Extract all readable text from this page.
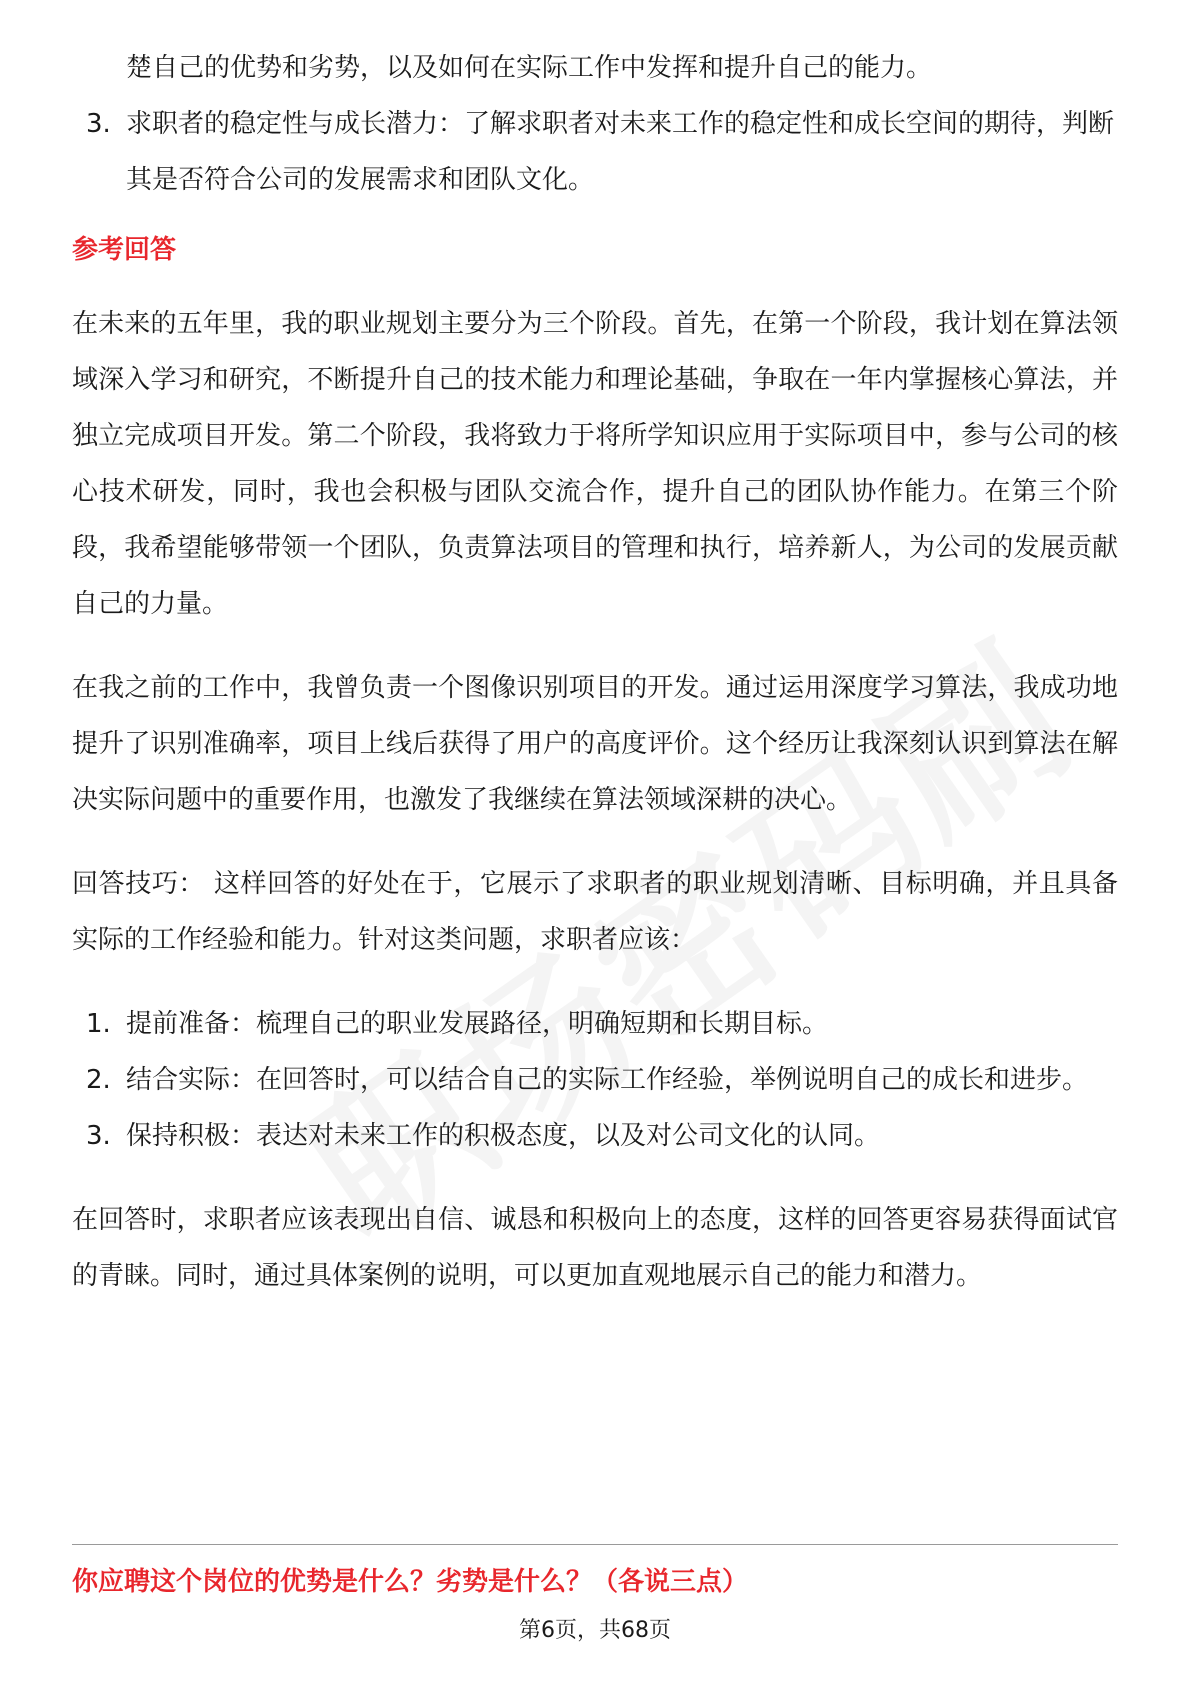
楚自己的优势和劣势，以及如何在实际工作中发挥和提升自己的能力。
3. 求职者的稳定性与成长潜力：了解求职者对未来工作的稳定性和成长空间的期待，判断其是否符合公司的发展需求和团队文化。
参考回答

在未来的五年里，我的职业规划主要分为三个阶段。首先，在第一个阶段，我计划在算法领域深入学习和研究，不断提升自己的技术能力和理论基础，争取在一年内掌握核心算法，并独立完成项目开发。第二个阶段，我将致力于将所学知识应用于实际项目中，参与公司的核心技术研发，同时，我也会积极与团队交流合作，提升自己的团队协作能力。在第三个阶段，我希望能够带领一个团队，负责算法项目的管理和执行，培养新人，为公司的发展贡献自己的力量。

在我之前的工作中，我曾负责一个图像识别项目的开发。通过运用深度学习算法，我成功地提升了识别准确率，项目上线后获得了用户的高度评价。这个经历让我深刻认识到算法在解决实际问题中的重要作用，也激发了我继续在算法领域深耕的决心。

回答技巧： 这样回答的好处在于，它展示了求职者的职业规划清晰、目标明确，并且具备实际的工作经验和能力。针对这类问题，求职者应该：

1. 提前准备：梳理自己的职业发展路径，明确短期和长期目标。
2. 结合实际：在回答时，可以结合自己的实际工作经验，举例说明自己的成长和进步。
3. 保持积极：表达对未来工作的积极态度，以及对公司文化的认同。

在回答时，求职者应该表现出自信、诚恳和积极向上的态度，这样的回答更容易获得面试官的青睐。同时，通过具体案例的说明，可以更加直观地展示自己的能力和潜力。

你应聘这个岗位的优势是什么？劣势是什么？（各说三点）
第6页，共68页
